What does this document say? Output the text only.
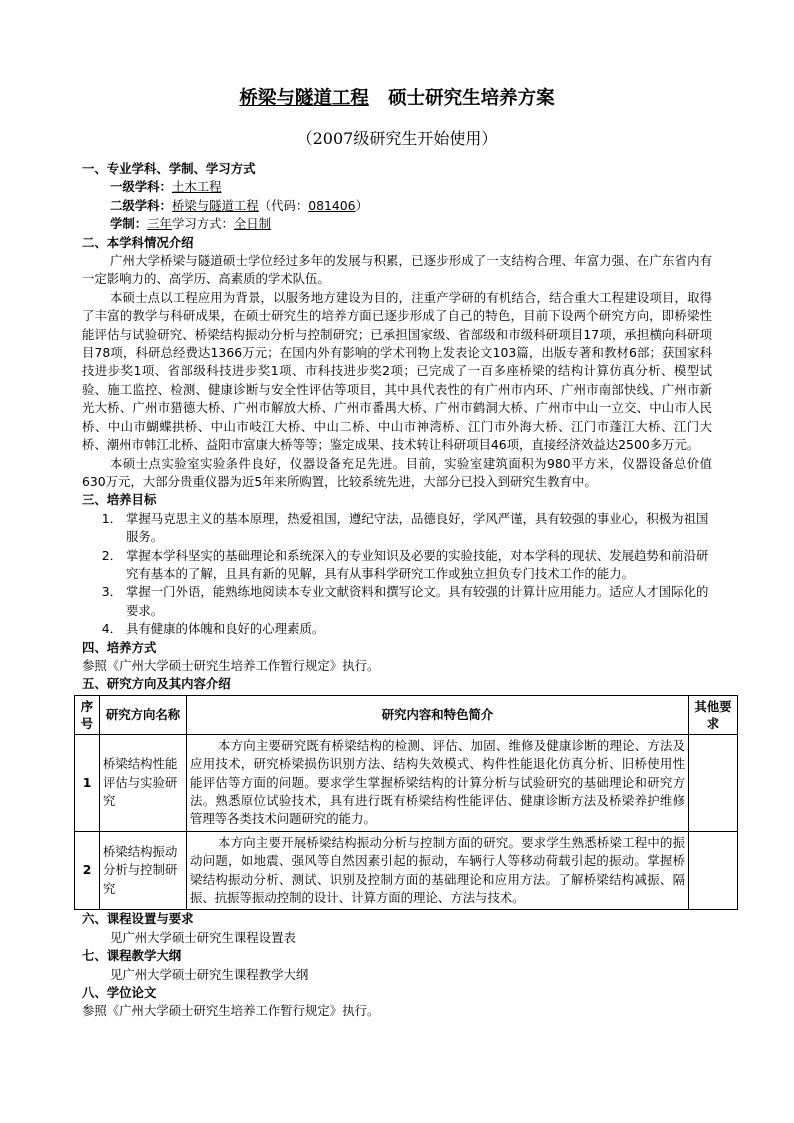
桥梁与隧道工程 硕士研究生培养方案
（2007级研究生开始使用）

一、专业学科、学制、学习方式

一级学科：土木工程

二级学科：桥梁与隧道工程（代码：081406）

学制：三年学习方式：全日制

二、本学科情况介绍

广州大学桥梁与隧道硕士学位经过多年的发展与积累，已逐步形成了一支结构合理、年富力强、在广东省内有一定影响力的、高学历、高素质的学术队伍。

本硕士点以工程应用为背景，以服务地方建设为目的，注重产学研的有机结合，结合重大工程建设项目，取得了丰富的教学与科研成果，在硕士研究生的培养方面已逐步形成了自己的特色，目前下设两个研究方向，即桥梁性能评估与试验研究、桥梁结构振动分析与控制研究；已承担国家级、省部级和市级科研项目17项，承担横向科研项目78项，科研总经费达1366万元；在国内外有影响的学术刊物上发表论文103篇，出版专著和教材6部；获国家科技进步奖1项、省部级科技进步奖1项、市科技进步奖2项；已完成了一百多座桥梁的结构计算仿真分析、模型试验、施工监控、检测、健康诊断与安全性评估等项目，其中具代表性的有广州市内环、广州市南部快线、广州市新光大桥、广州市猎德大桥、广州市解放大桥、广州市番禺大桥、广州市鹤洞大桥、广州市中山一立交、中山市人民桥、中山市蝴蝶拱桥、中山市岐江大桥、中山二桥、中山市神湾桥、江门市外海大桥、江门市蓬江大桥、江门大桥、潮州市韩江北桥、益阳市富康大桥等等；鉴定成果、技术转让科研项目46项，直接经济效益达2500多万元。

本硕士点实验室实验条件良好，仪器设备充足先进。目前，实验室建筑面积为980平方米，仪器设备总价值630万元，大部分贵重仪器为近5年来所购置，比较系统先进，大部分已投入到研究生教育中。

三、培养目标

1． 掌握马克思主义的基本原理，热爱祖国，遵纪守法，品德良好，学风严谨，具有较强的事业心，积极为祖国服务。
2． 掌握本学科坚实的基础理论和系统深入的专业知识及必要的实验技能，对本学科的现状、发展趋势和前沿研究有基本的了解，且具有新的见解，具有从事科学研究工作或独立担负专门技术工作的能力。
3． 掌握一门外语，能熟练地阅读本专业文献资料和撰写论文。具有较强的计算计应用能力。适应人才国际化的要求。
4． 具有健康的体魄和良好的心理素质。

四、培养方式

参照《广州大学硕士研究生培养工作暂行规定》执行。

五、研究方向及其内容介绍

序号	研究方向名称	研究内容和特色简介	其他要求
1	桥梁结构性能评估与实验研究	本方向主要研究既有桥梁结构的检测、评估、加固、维修及健康诊断的理论、方法及应用技术，研究桥梁损伤识别方法、结构失效模式、构件性能退化仿真分析、旧桥使用性能评估等方面的问题。要求学生掌握桥梁结构的计算分析与试验研究的基础理论和研究方法。熟悉原位试验技术，具有进行既有桥梁结构性能评估、健康诊断方法及桥梁养护维修管理等各类技术问题研究的能力。	
2	桥梁结构振动分析与控制研究	本方向主要开展桥梁结构振动分析与控制方面的研究。要求学生熟悉桥梁工程中的振动问题，如地震、强风等自然因素引起的振动，车辆行人等移动荷载引起的振动。掌握桥梁结构振动分析、测试、识别及控制方面的基础理论和应用方法。了解桥梁结构减振、隔振、抗振等振动控制的设计、计算方面的理论、方法与技术。	

六、课程设置与要求

见广州大学硕士研究生课程设置表

七、课程教学大纲

见广州大学硕士研究生课程教学大纲

八、学位论文

参照《广州大学硕士研究生培养工作暂行规定》执行。
